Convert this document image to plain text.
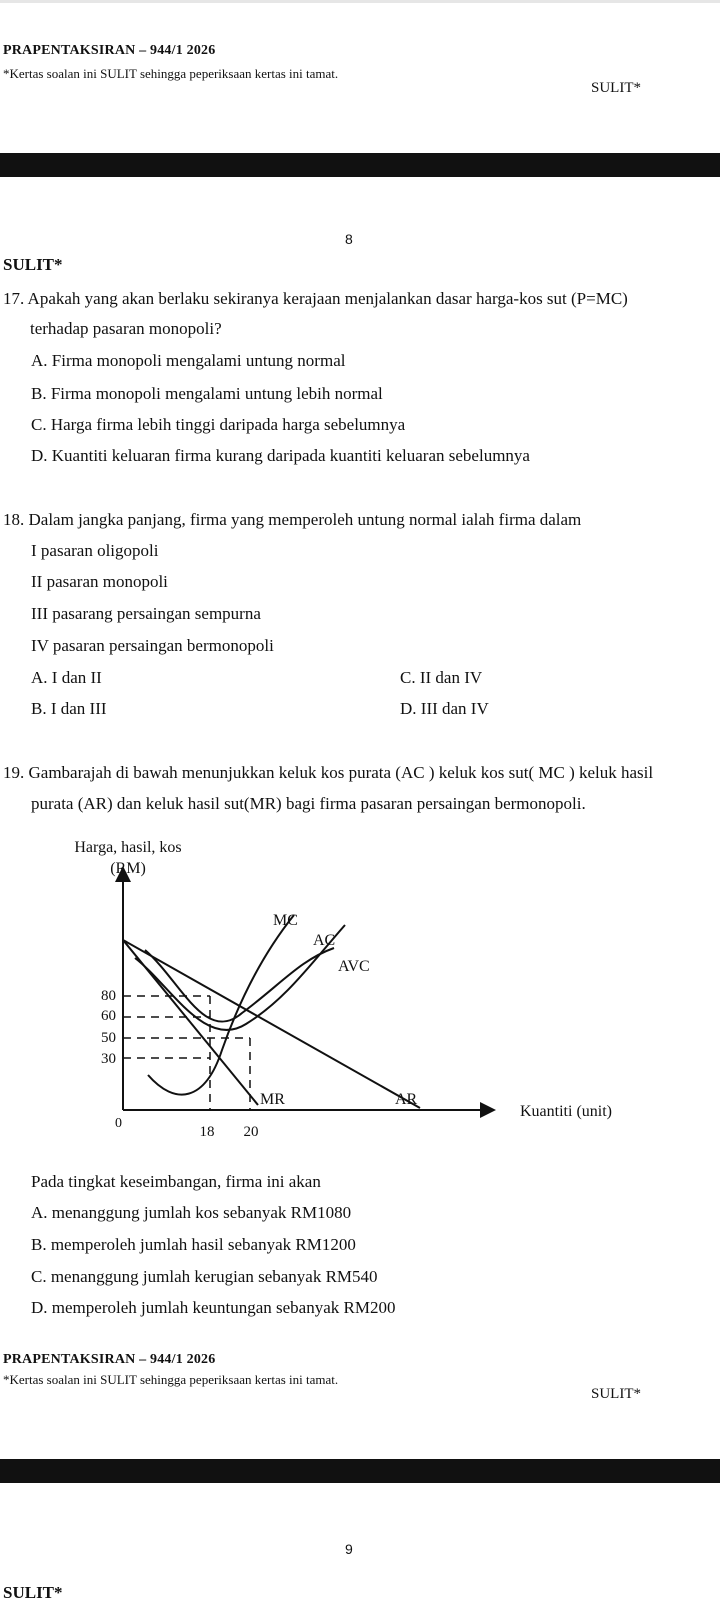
PRAPENTAKSIRAN – 944/1 2026
*Kertas soalan ini SULIT sehingga peperiksaan kertas ini tamat.
SULIT*
8
SULIT*
17. Apakah yang akan berlaku sekiranya kerajaan menjalankan dasar harga-kos sut (P=MC)
terhadap pasaran monopoli?
A. Firma monopoli mengalami untung normal
B. Firma monopoli mengalami untung lebih normal
C. Harga firma lebih tinggi daripada harga sebelumnya
D. Kuantiti keluaran firma kurang daripada kuantiti keluaran sebelumnya
18. Dalam jangka panjang, firma yang memperoleh untung normal ialah firma dalam
I pasaran oligopoli
II pasaran monopoli
III pasarang persaingan sempurna
IV pasaran persaingan bermonopoli
A. I dan II	C. II dan IV
B. I dan III	D. III dan IV
19. Gambarajah di bawah menunjukkan keluk kos purata (AC ) keluk kos sut( MC ) keluk hasil
purata (AR) dan keluk hasil sut(MR) bagi firma pasaran persaingan bermonopoli.
Harga, hasil, kos
(RM)
Kuantiti (unit)
0
80
60
50
30
18 20
MC
AC
AVC
MR	AR
Pada tingkat keseimbangan, firma ini akan
A. menanggung jumlah kos sebanyak RM1080
B. memperoleh jumlah hasil sebanyak RM1200
C. menanggung jumlah kerugian sebanyak RM540
D. memperoleh jumlah keuntungan sebanyak RM200
PRAPENTAKSIRAN – 944/1 2026
*Kertas soalan ini SULIT sehingga peperiksaan kertas ini tamat.
SULIT*
9
SULIT*
